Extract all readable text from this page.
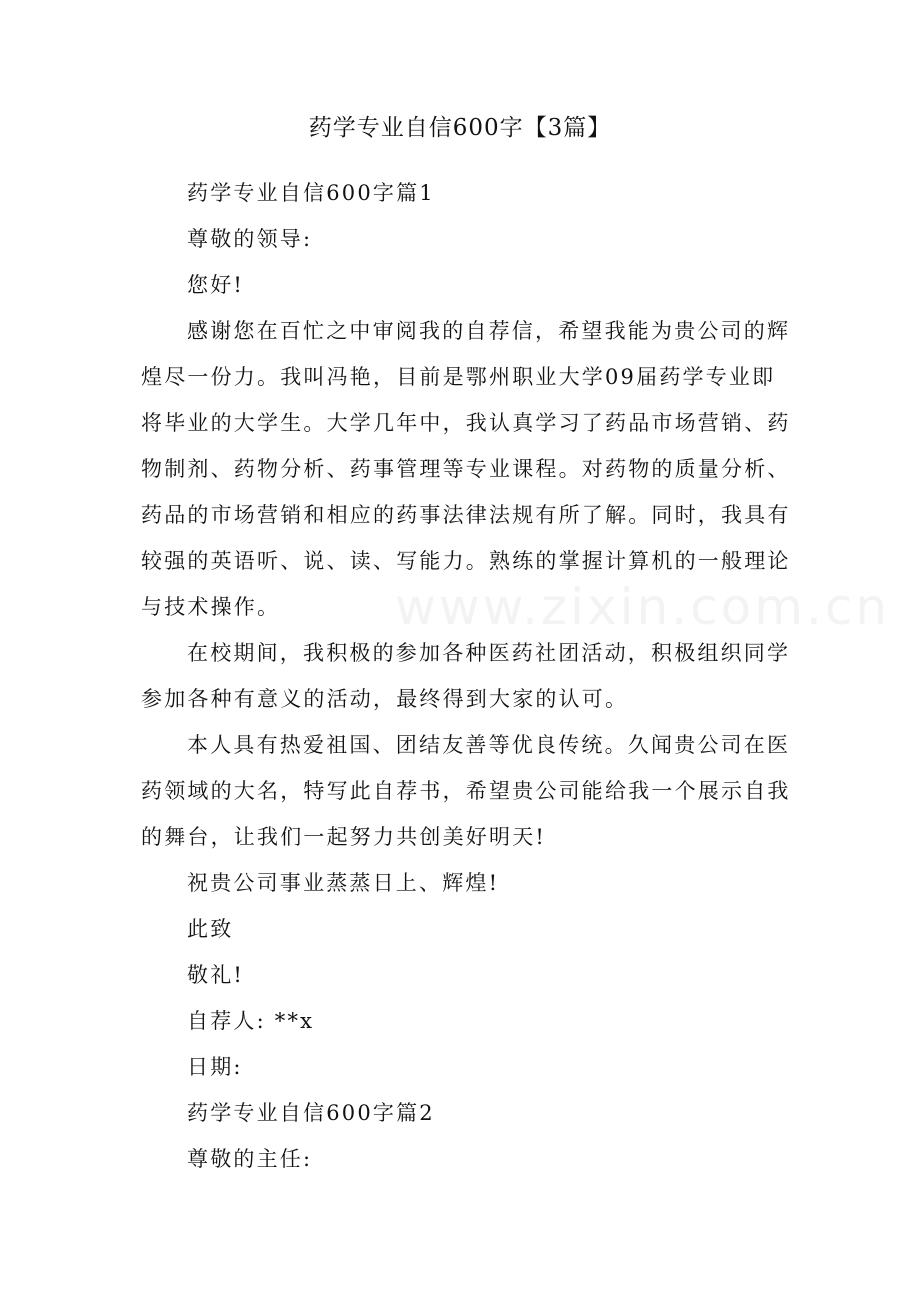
药学专业自信600字【3篇】
药学专业自信600字篇1
尊敬的领导:
您好!

感谢您在百忙之中审阅我的自荐信，希望我能为贵公司的辉煌尽一份力。我叫冯艳，目前是鄂州职业大学09届药学专业即将毕业的大学生。大学几年中，我认真学习了药品市场营销、药物制剂、药物分析、药事管理等专业课程。对药物的质量分析、药品的市场营销和相应的药事法律法规有所了解。同时，我具有较强的英语听、说、读、写能力。熟练的掌握计算机的一般理论与技术操作。

在校期间，我积极的参加各种医药社团活动，积极组织同学参加各种有意义的活动，最终得到大家的认可。

本人具有热爱祖国、团结友善等优良传统。久闻贵公司在医药领域的大名，特写此自荐书，希望贵公司能给我一个展示自我的舞台，让我们一起努力共创美好明天!

祝贵公司事业蒸蒸日上、辉煌!
此致
敬礼!
自荐人: **x
日期:
药学专业自信600字篇2
尊敬的主任:
www.zixin.com.cn
